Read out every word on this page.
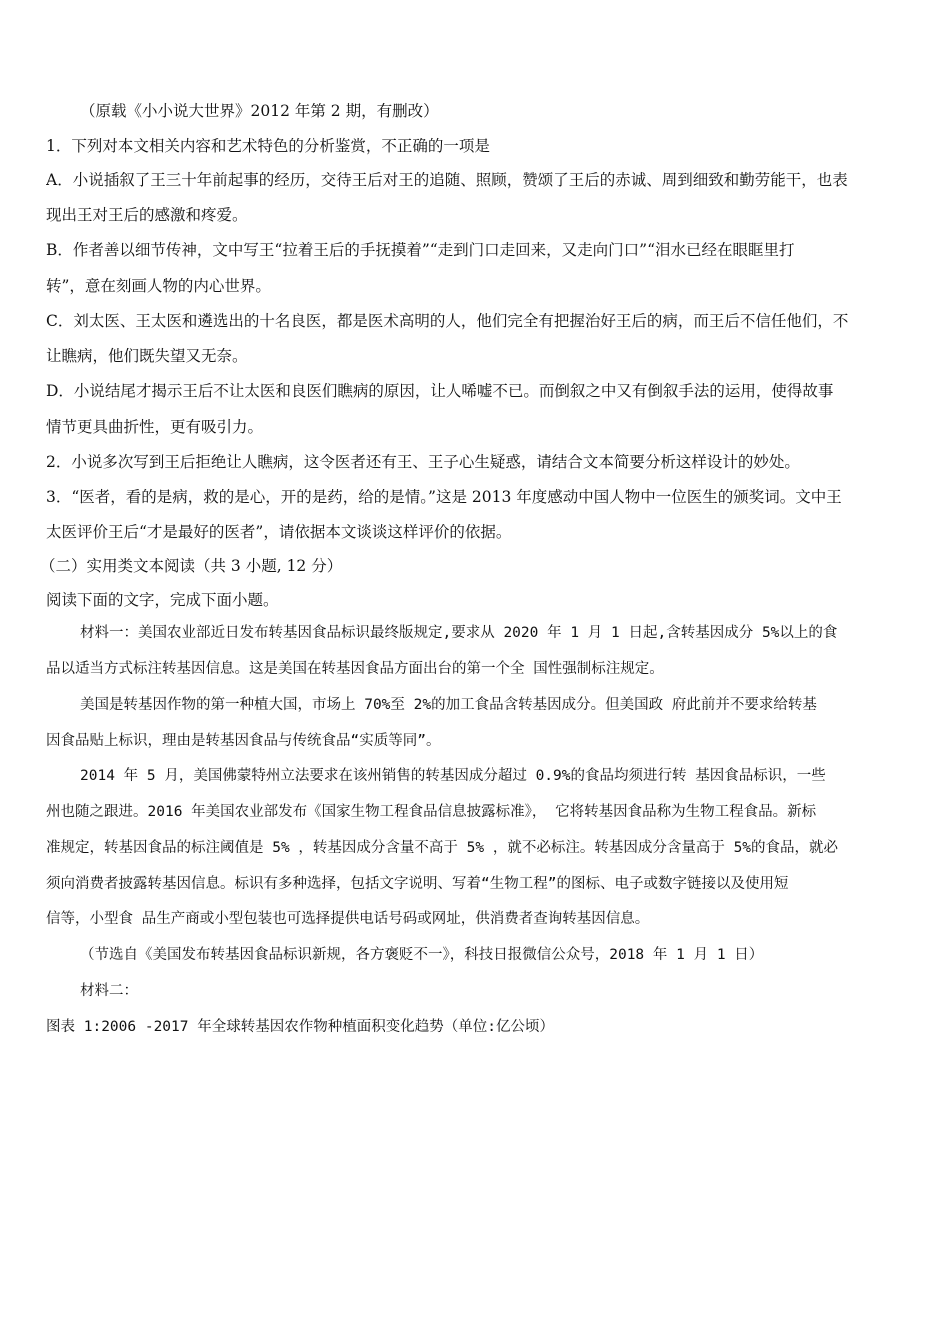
（原载《小小说大世界》2012 年第 2 期，有删改）
1．下列对本文相关内容和艺术特色的分析鉴赏，不正确的一项是
A．小说插叙了王三十年前起事的经历，交待王后对王的追随、照顾，赞颂了王后的赤诚、周到细致和勤劳能干，也表
现出王对王后的感激和疼爱。
B．作者善以细节传神，文中写王“拉着王后的手抚摸着”“走到门口走回来，又走向门口”“泪水已经在眼眶里打
转”，意在刻画人物的内心世界。
C．刘太医、王太医和遴选出的十名良医，都是医术高明的人，他们完全有把握治好王后的病，而王后不信任他们，不
让瞧病，他们既失望又无奈。
D．小说结尾才揭示王后不让太医和良医们瞧病的原因，让人唏嘘不已。而倒叙之中又有倒叙手法的运用，使得故事
情节更具曲折性，更有吸引力。
2．小说多次写到王后拒绝让人瞧病，这令医者还有王、王子心生疑惑，请结合文本简要分析这样设计的妙处。
3．“医者，看的是病，救的是心，开的是药，给的是情。”这是 2013 年度感动中国人物中一位医生的颁奖词。文中王
太医评价王后“才是最好的医者”，请依据本文谈谈这样评价的依据。
（二）实用类文本阅读（共 3 小题, 12 分）
阅读下面的文字，完成下面小题。
材料一：美国农业部近日发布转基因食品标识最终版规定,要求从 2020 年 1 月 1 日起,含转基因成分 5%以上的食
品以适当方式标注转基因信息。这是美国在转基因食品方面出台的第一个全 国性强制标注规定。
美国是转基因作物的第一种植大国，市场上 70%至 2%的加工食品含转基因成分。但美国政 府此前并不要求给转基
因食品贴上标识，理由是转基因食品与传统食品“实质等同”。
2014 年 5 月，美国佛蒙特州立法要求在该州销售的转基因成分超过 0.9%的食品均须进行转 基因食品标识，一些
州也随之跟进。2016 年美国农业部发布《国家生物工程食品信息披露标准》， 它将转基因食品称为生物工程食品。新标
准规定，转基因食品的标注阈值是 5% ，转基因成分含量不高于 5% ，就不必标注。转基因成分含量高于 5%的食品，就必
须向消费者披露转基因信息。标识有多种选择，包括文字说明、写着“生物工程”的图标、电子或数字链接以及使用短
信等，小型食 品生产商或小型包装也可选择提供电话号码或网址，供消费者查询转基因信息。
（节选自《美国发布转基因食品标识新规，各方褒贬不一》，科技日报微信公众号，2018 年 1 月 1 日）
材料二：
图表 1:2006 -2017 年全球转基因农作物种植面积变化趋势（单位:亿公顷）
